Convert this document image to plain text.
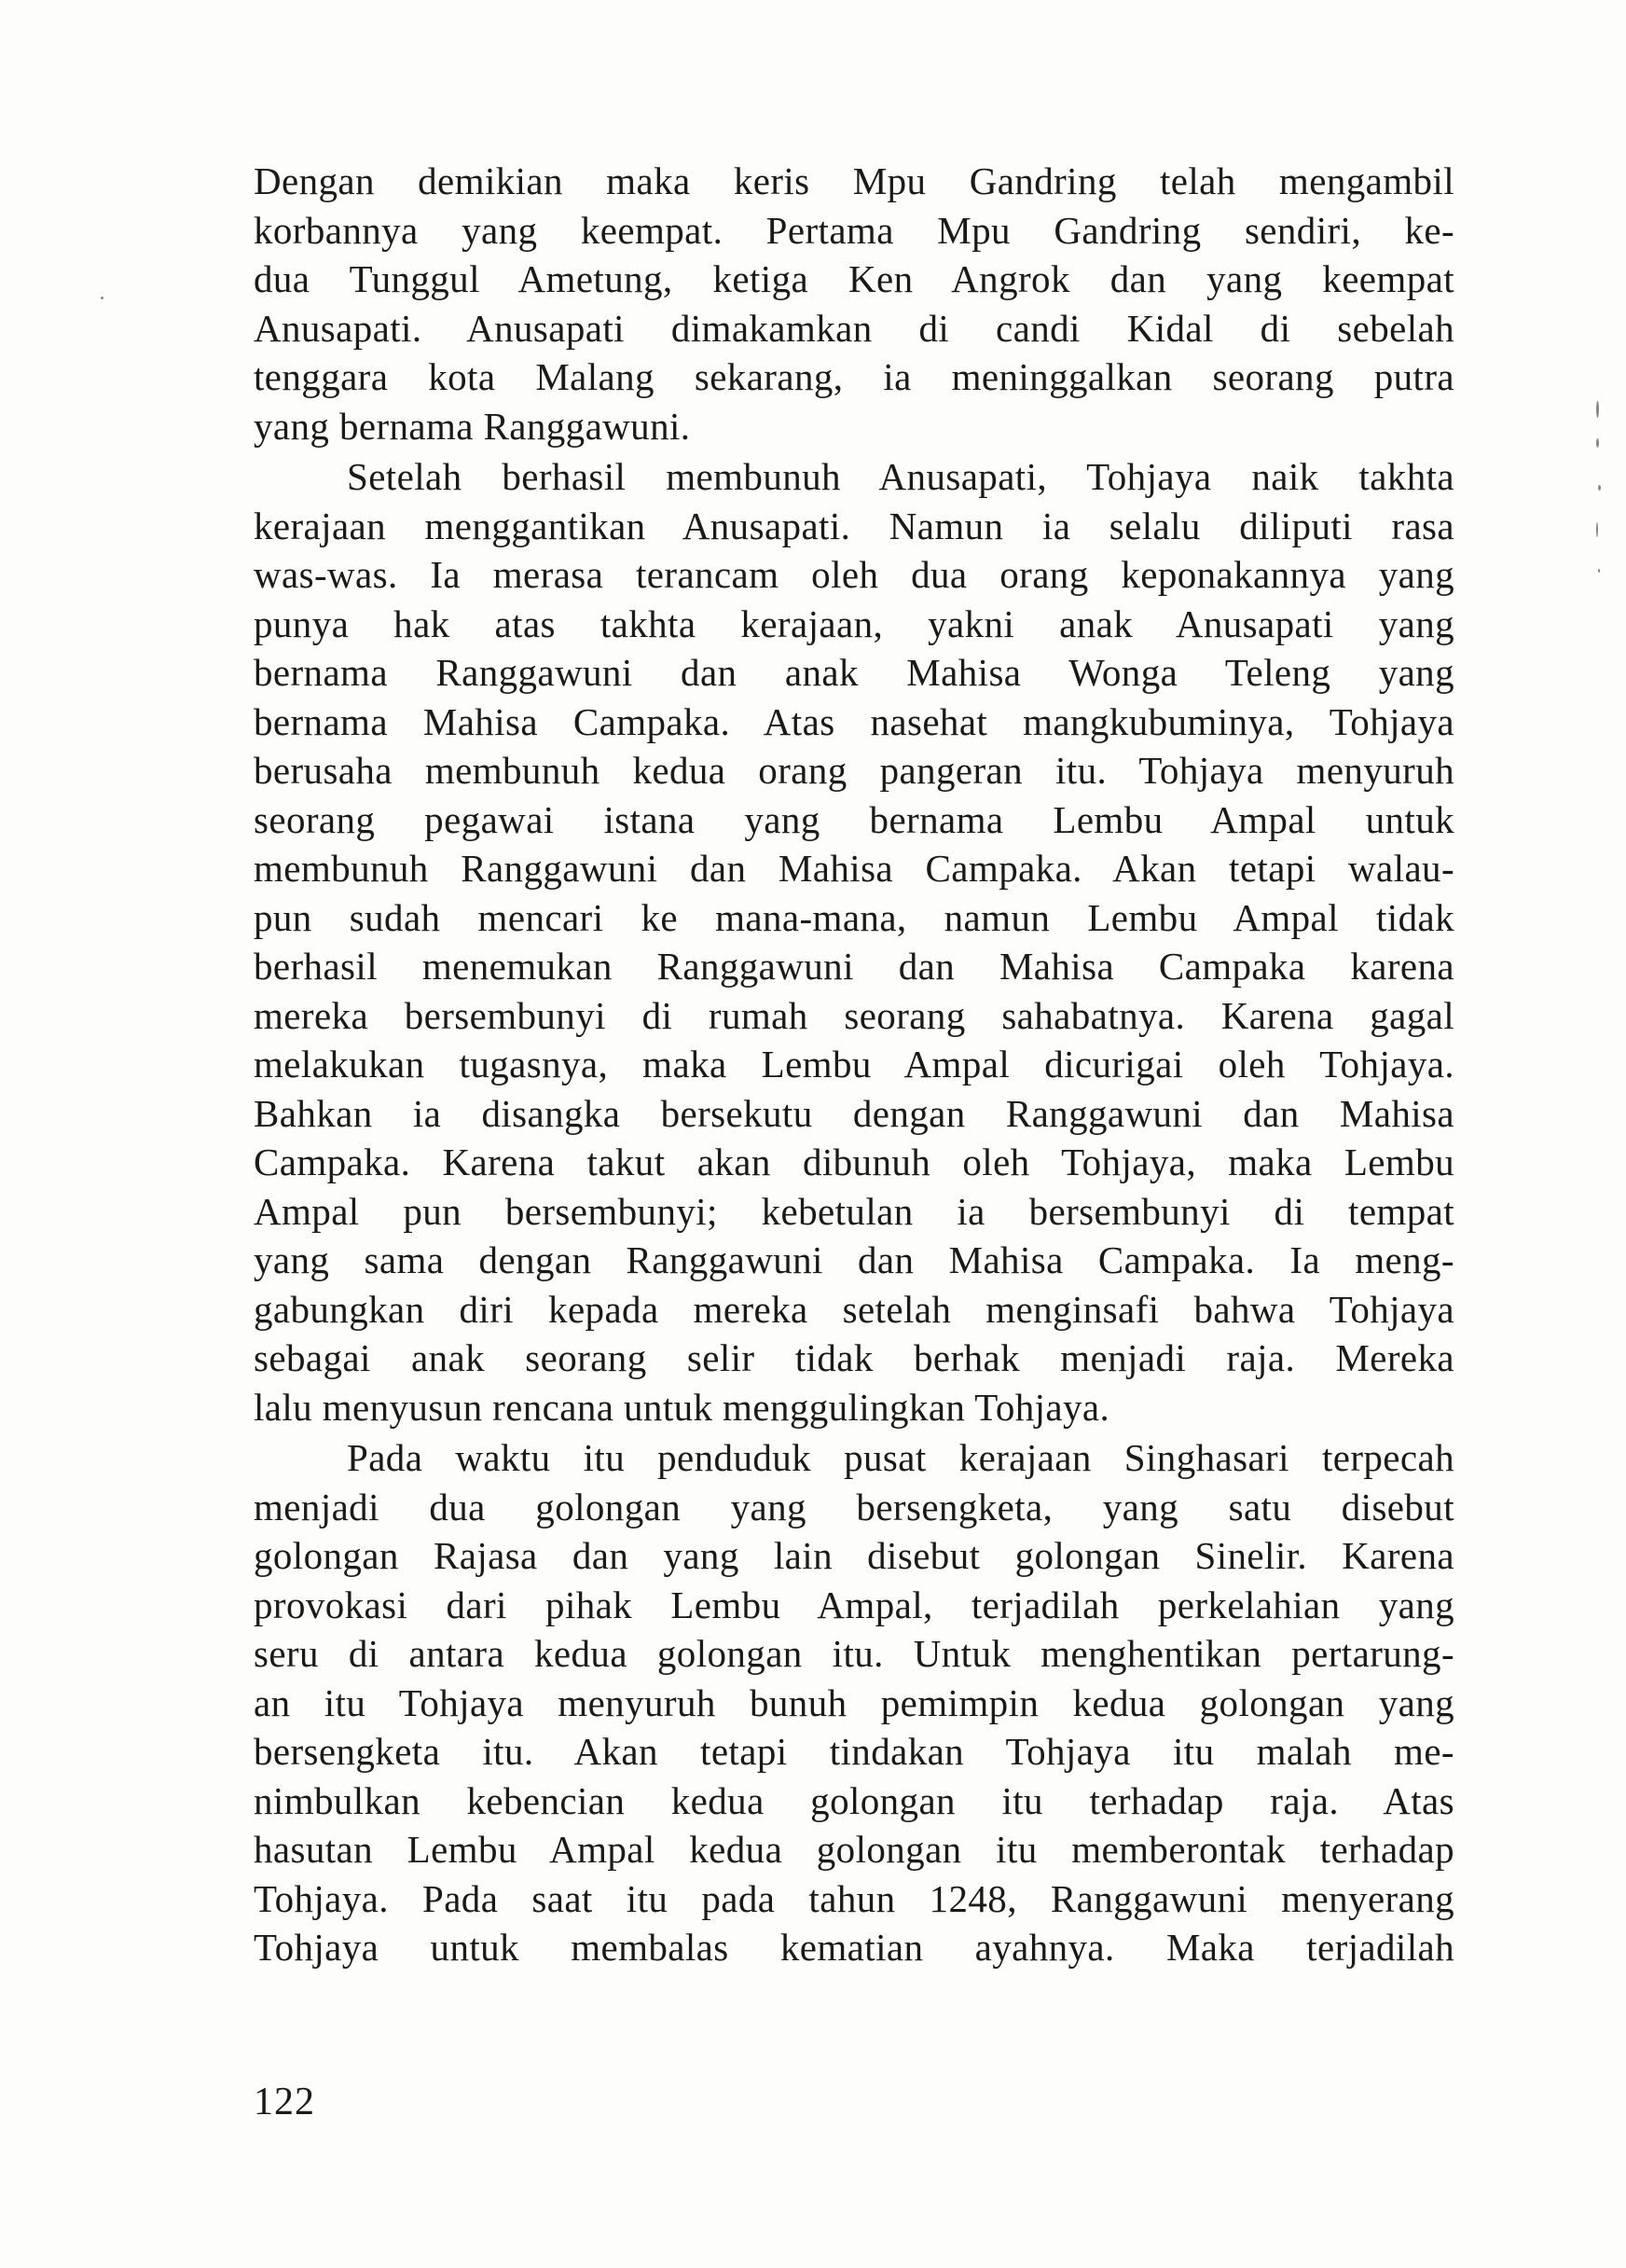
Dengan demikian maka keris Mpu Gandring telah mengambil
korbannya yang keempat. Pertama Mpu Gandring sendiri, ke-
dua Tunggul Ametung, ketiga Ken Angrok dan yang keempat
Anusapati. Anusapati dimakamkan di candi Kidal di sebelah
tenggara kota Malang sekarang, ia meninggalkan seorang putra
yang bernama Ranggawuni.
Setelah berhasil membunuh Anusapati, Tohjaya naik takhta
kerajaan menggantikan Anusapati. Namun ia selalu diliputi rasa
was-was. Ia merasa terancam oleh dua orang keponakannya yang
punya hak atas takhta kerajaan, yakni anak Anusapati yang
bernama Ranggawuni dan anak Mahisa Wonga Teleng yang
bernama Mahisa Campaka. Atas nasehat mangkubuminya, Tohjaya
berusaha membunuh kedua orang pangeran itu. Tohjaya menyuruh
seorang pegawai istana yang bernama Lembu Ampal untuk
membunuh Ranggawuni dan Mahisa Campaka. Akan tetapi walau-
pun sudah mencari ke mana-mana, namun Lembu Ampal tidak
berhasil menemukan Ranggawuni dan Mahisa Campaka karena
mereka bersembunyi di rumah seorang sahabatnya. Karena gagal
melakukan tugasnya, maka Lembu Ampal dicurigai oleh Tohjaya.
Bahkan ia disangka bersekutu dengan Ranggawuni dan Mahisa
Campaka. Karena takut akan dibunuh oleh Tohjaya, maka Lembu
Ampal pun bersembunyi; kebetulan ia bersembunyi di tempat
yang sama dengan Ranggawuni dan Mahisa Campaka. Ia meng-
gabungkan diri kepada mereka setelah menginsafi bahwa Tohjaya
sebagai anak seorang selir tidak berhak menjadi raja. Mereka
lalu menyusun rencana untuk menggulingkan Tohjaya.
Pada waktu itu penduduk pusat kerajaan Singhasari terpecah
menjadi dua golongan yang bersengketa, yang satu disebut
golongan Rajasa dan yang lain disebut golongan Sinelir. Karena
provokasi dari pihak Lembu Ampal, terjadilah perkelahian yang
seru di antara kedua golongan itu. Untuk menghentikan pertarung-
an itu Tohjaya menyuruh bunuh pemimpin kedua golongan yang
bersengketa itu. Akan tetapi tindakan Tohjaya itu malah me-
nimbulkan kebencian kedua golongan itu terhadap raja. Atas
hasutan Lembu Ampal kedua golongan itu memberontak terhadap
Tohjaya. Pada saat itu pada tahun 1248, Ranggawuni menyerang
Tohjaya untuk membalas kematian ayahnya. Maka terjadilah
122
